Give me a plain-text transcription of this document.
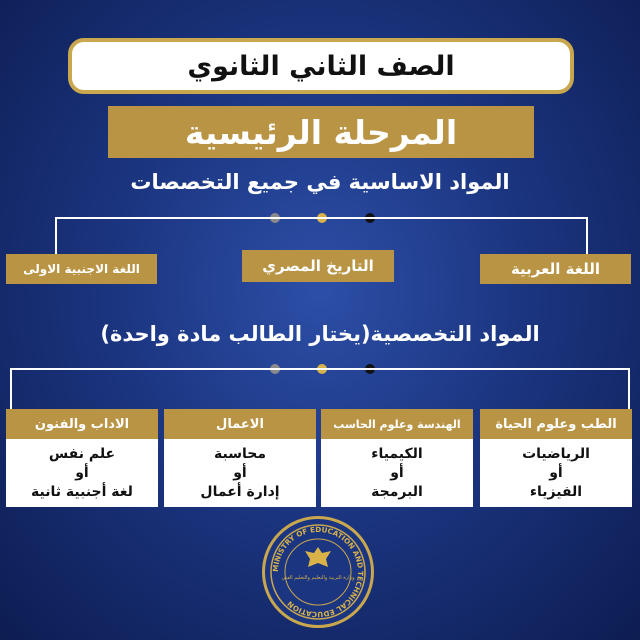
الصف الثاني الثانوي
المرحلة الرئيسية
المواد الاساسية في جميع التخصصات
اللغة العربية
التاريخ المصري
اللغة الاجنبية الاولى
المواد التخصصية(يختار الطالب مادة واحدة)
الطب وعلوم الحياة
الرياضيات
أو
الفيزياء
الهندسة وعلوم الحاسب
الكيمياء
أو
البرمجة
الاعمال
محاسبة
أو
إدارة أعمال
الاداب والفنون
علم نفس
أو
لغة أجنبية ثانية
MINISTRY OF EDUCATION AND TECHNICAL EDUCATION
وزارة التربية والتعليم والتعليم الفني
